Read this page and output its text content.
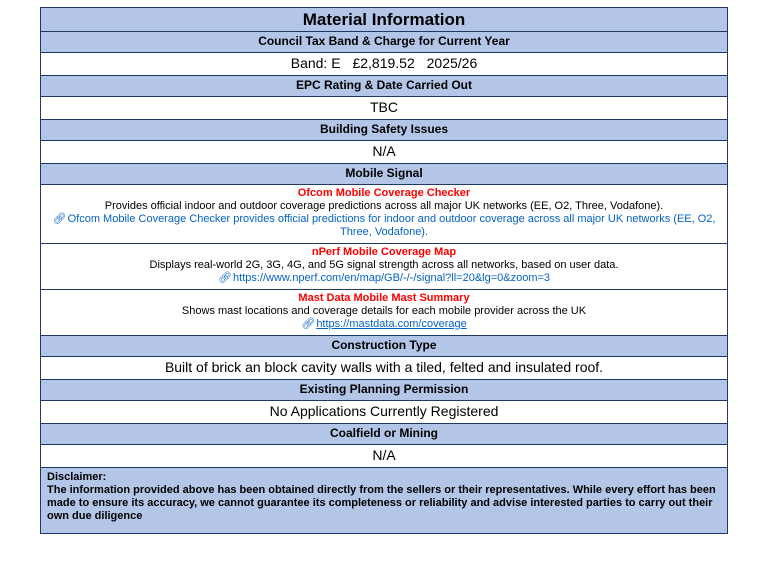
Material Information
Council Tax Band & Charge for Current Year
Band: E £2,819.52 2025/26
EPC Rating & Date Carried Out
TBC
Building Safety Issues
N/A
Mobile Signal
Ofcom Mobile Coverage Checker
Provides official indoor and outdoor coverage predictions across all major UK networks (EE, O2, Three, Vodafone).
🔗︎ Ofcom Mobile Coverage Checker provides official predictions for indoor and outdoor coverage across all major UK networks (EE, O2, Three, Vodafone).
nPerf Mobile Coverage Map
Displays real-world 2G, 3G, 4G, and 5G signal strength across all networks, based on user data.
🔗︎ https://www.nperf.com/en/map/GB/-/-/signal?ll=20&lg=0&zoom=3
Mast Data Mobile Mast Summary
Shows mast locations and coverage details for each mobile provider across the UK
🔗︎ https://mastdata.com/coverage
Construction Type
Built of brick an block cavity walls with a tiled, felted and insulated roof.
Existing Planning Permission
No Applications Currently Registered
Coalfield or Mining
N/A
Disclaimer:
The information provided above has been obtained directly from the sellers or their representatives. While every effort has been made to ensure its accuracy, we cannot guarantee its completeness or reliability and advise interested parties to carry out their own due diligence
